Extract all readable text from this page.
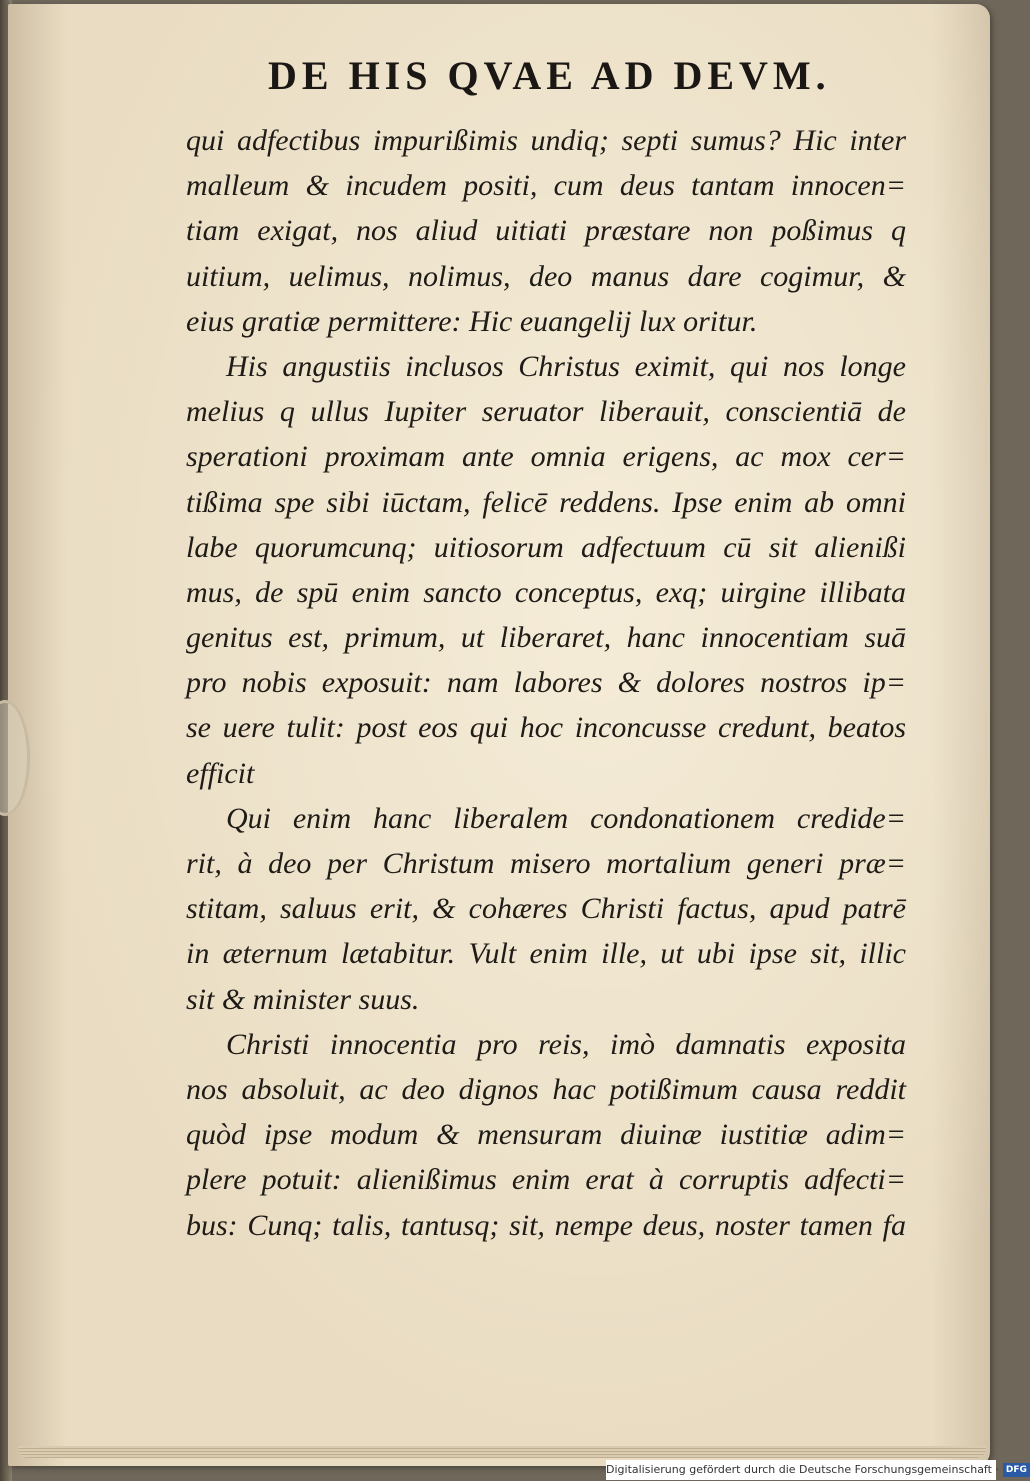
DE HIS QVAE AD DEVM.
qui adfectibus impurißimis undiq; septi sumus? Hic inter
malleum & incudem positi, cum deus tantam innocen=
tiam exigat, nos aliud uitiati præstare non poßimus q
uitium, uelimus, nolimus, deo manus dare cogimur, &
eius gratiæ permittere: Hic euangelij lux oritur.
His angustiis inclusos Christus eximit, qui nos longe
melius q ullus Iupiter seruator liberauit, conscientiā de
sperationi proximam ante omnia erigens, ac mox cer=
tißima spe sibi iūctam, felicē reddens. Ipse enim ab omni
labe quorumcunq; uitiosorum adfectuum cū sit alienißi
mus, de spū enim sancto conceptus, exq; uirgine illibata
genitus est, primum, ut liberaret, hanc innocentiam suā
pro nobis exposuit: nam labores & dolores nostros ip=
se uere tulit: post eos qui hoc inconcusse credunt, beatos
efficit
Qui enim hanc liberalem condonationem credide=
rit, à deo per Christum misero mortalium generi præ=
stitam, saluus erit, & cohæres Christi factus, apud patrē
in æternum lætabitur. Vult enim ille, ut ubi ipse sit, illic
sit & minister suus.
Christi innocentia pro reis, imò damnatis exposita
nos absoluit, ac deo dignos hac potißimum causa reddit
quòd ipse modum & mensuram diuinæ iustitiæ adim=
plere potuit: alienißimus enim erat à corruptis adfecti=
bus: Cunq; talis, tantusq; sit, nempe deus, noster tamen fa
Digitalisierung gefördert durch die Deutsche Forschungsgemeinschaft · DFG
